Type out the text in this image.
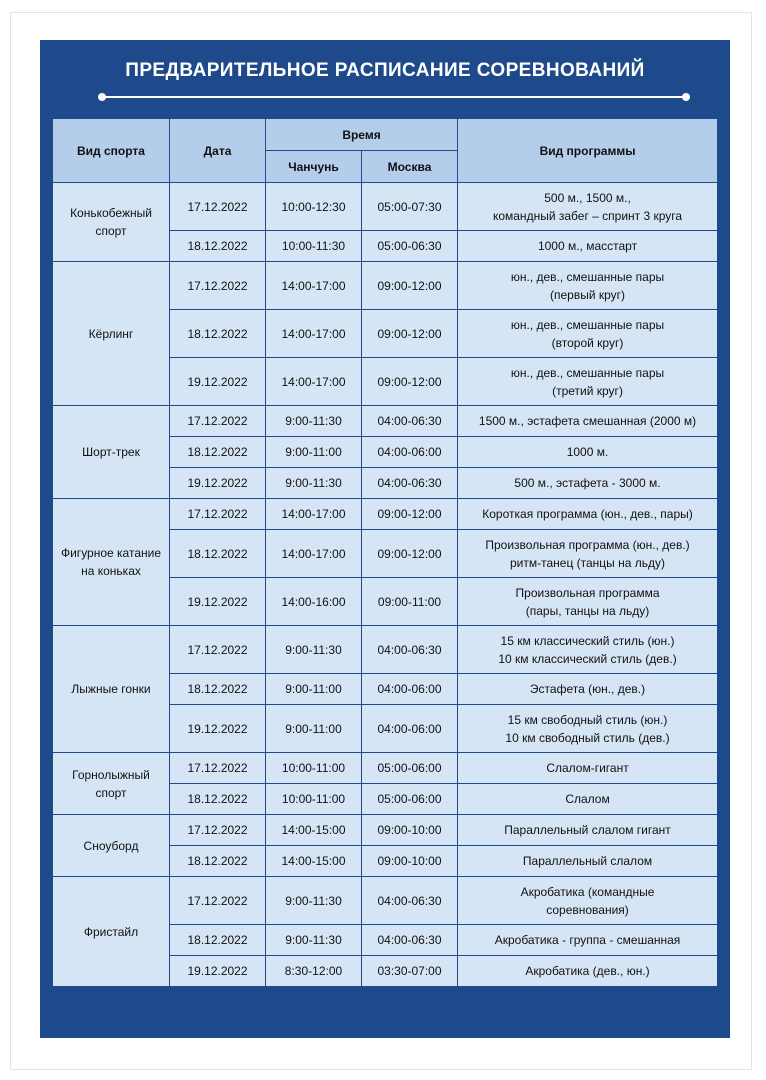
ПРЕДВАРИТЕЛЬНОЕ РАСПИСАНИЕ СОРЕВНОВАНИЙ
Вид спорта	Дата	Время		Вид программы
		Чанчунь	Москва	
Конькобежный спорт	17.12.2022	10:00-12:30	05:00-07:30	500 м., 1500 м.,
командный забег – спринт 3 круга
	18.12.2022	10:00-11:30	05:00-06:30	1000 м., масстарт
Кёрлинг	17.12.2022	14:00-17:00	09:00-12:00	юн., дев., смешанные пары
(первый круг)
	18.12.2022	14:00-17:00	09:00-12:00	юн., дев., смешанные пары
(второй круг)
	19.12.2022	14:00-17:00	09:00-12:00	юн., дев., смешанные пары
(третий круг)
Шорт-трек	17.12.2022	9:00-11:30	04:00-06:30	1500 м., эстафета смешанная (2000 м)
	18.12.2022	9:00-11:00	04:00-06:00	1000 м.
	19.12.2022	9:00-11:30	04:00-06:30	500 м., эстафета - 3000 м.
Фигурное катание на коньках	17.12.2022	14:00-17:00	09:00-12:00	Короткая программа (юн., дев., пары)
	18.12.2022	14:00-17:00	09:00-12:00	Произвольная программа (юн., дев.)
ритм-танец (танцы на льду)
	19.12.2022	14:00-16:00	09:00-11:00	Произвольная программа
(пары, танцы на льду)
Лыжные гонки	17.12.2022	9:00-11:30	04:00-06:30	15 км классический стиль (юн.)
10 км классический стиль (дев.)
	18.12.2022	9:00-11:00	04:00-06:00	Эстафета (юн., дев.)
	19.12.2022	9:00-11:00	04:00-06:00	15 км свободный стиль (юн.)
10 км свободный стиль (дев.)
Горнолыжный спорт	17.12.2022	10:00-11:00	05:00-06:00	Слалом-гигант
	18.12.2022	10:00-11:00	05:00-06:00	Слалом
Сноуборд	17.12.2022	14:00-15:00	09:00-10:00	Параллельный слалом гигант
	18.12.2022	14:00-15:00	09:00-10:00	Параллельный слалом
Фристайл	17.12.2022	9:00-11:30	04:00-06:30	Акробатика (командные
соревнования)
	18.12.2022	9:00-11:30	04:00-06:30	Акробатика - группа - смешанная
	19.12.2022	8:30-12:00	03:30-07:00	Акробатика (дев., юн.)
